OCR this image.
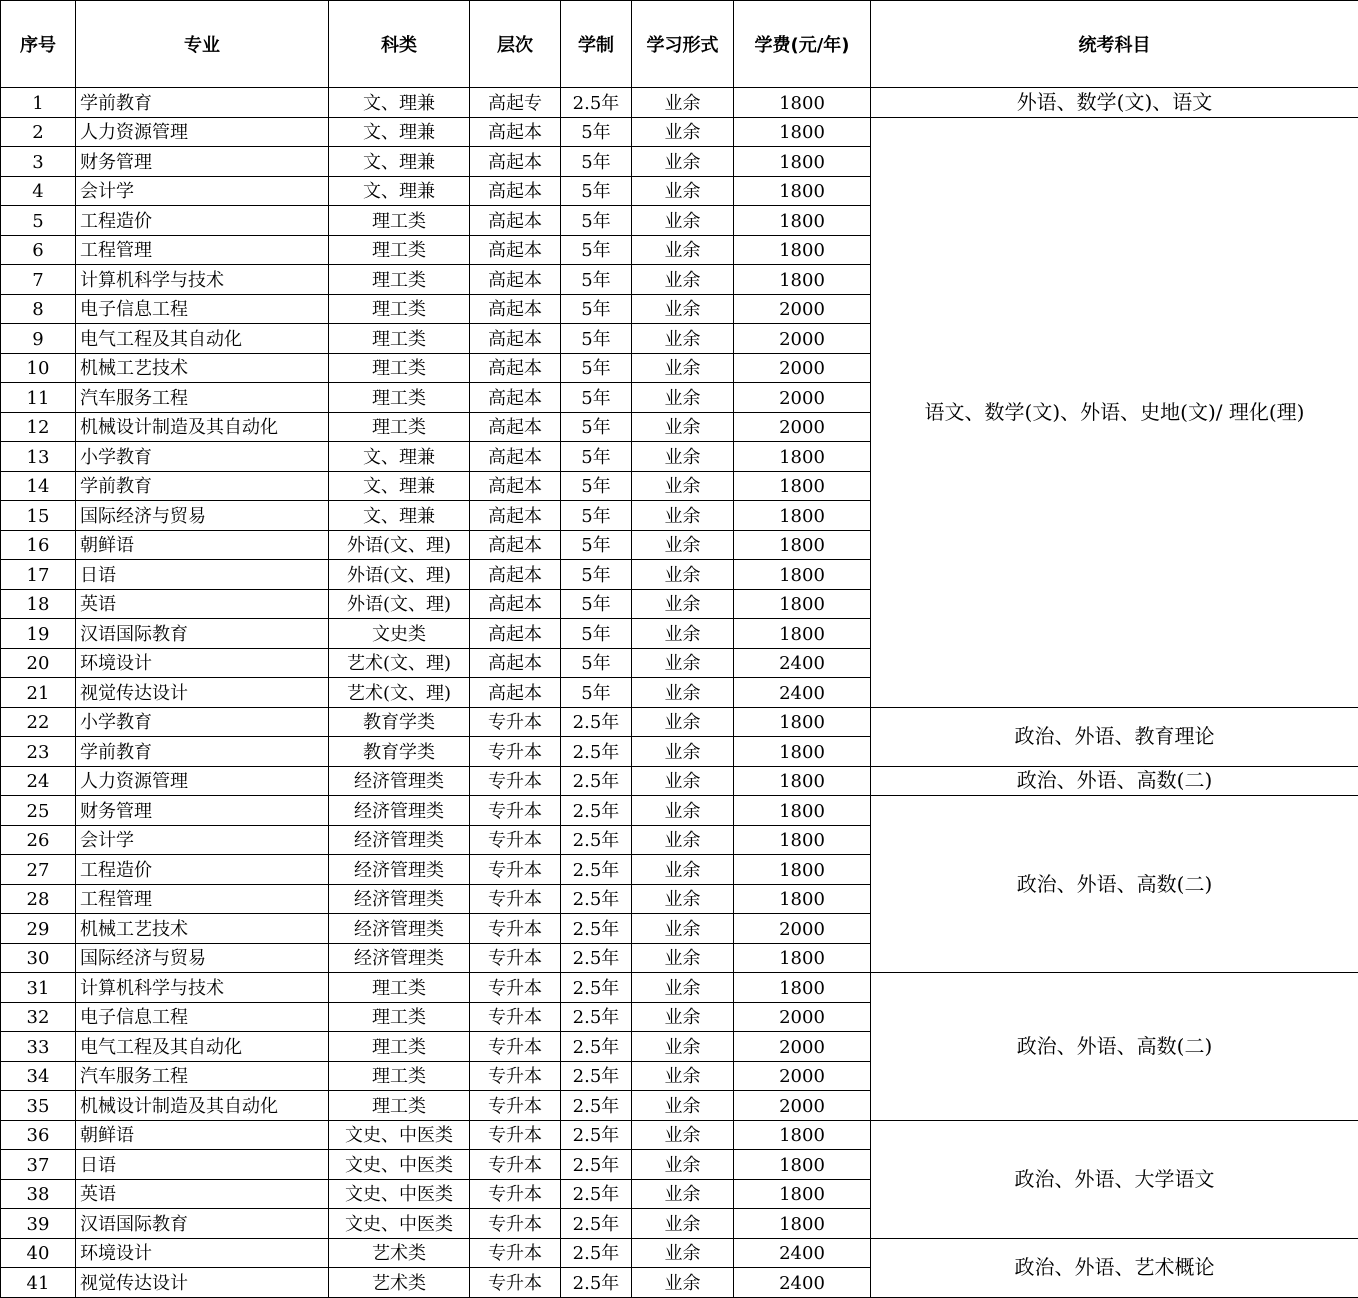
序号	专业	科类	层次	学制	学习形式	学费(元/年)	统考科目
1	学前教育	文、理兼	高起专	2.5年	业余	1800	外语、数学(文)、语文
2	人力资源管理	文、理兼	高起本	5年	业余	1800	语文、数学(文)、外语、史地(文)/ 理化(理)
3	财务管理	文、理兼	高起本	5年	业余	1800	
4	会计学	文、理兼	高起本	5年	业余	1800	
5	工程造价	理工类	高起本	5年	业余	1800	
6	工程管理	理工类	高起本	5年	业余	1800	
7	计算机科学与技术	理工类	高起本	5年	业余	1800	
8	电子信息工程	理工类	高起本	5年	业余	2000	
9	电气工程及其自动化	理工类	高起本	5年	业余	2000	
10	机械工艺技术	理工类	高起本	5年	业余	2000	
11	汽车服务工程	理工类	高起本	5年	业余	2000	
12	机械设计制造及其自动化	理工类	高起本	5年	业余	2000	
13	小学教育	文、理兼	高起本	5年	业余	1800	
14	学前教育	文、理兼	高起本	5年	业余	1800	
15	国际经济与贸易	文、理兼	高起本	5年	业余	1800	
16	朝鲜语	外语(文、理)	高起本	5年	业余	1800	
17	日语	外语(文、理)	高起本	5年	业余	1800	
18	英语	外语(文、理)	高起本	5年	业余	1800	
19	汉语国际教育	文史类	高起本	5年	业余	1800	
20	环境设计	艺术(文、理)	高起本	5年	业余	2400	
21	视觉传达设计	艺术(文、理)	高起本	5年	业余	2400	
22	小学教育	教育学类	专升本	2.5年	业余	1800	政治、外语、教育理论
23	学前教育	教育学类	专升本	2.5年	业余	1800	
24	人力资源管理	经济管理类	专升本	2.5年	业余	1800	政治、外语、高数(二)
25	财务管理	经济管理类	专升本	2.5年	业余	1800	政治、外语、高数(二)
26	会计学	经济管理类	专升本	2.5年	业余	1800	
27	工程造价	经济管理类	专升本	2.5年	业余	1800	
28	工程管理	经济管理类	专升本	2.5年	业余	1800	
29	机械工艺技术	经济管理类	专升本	2.5年	业余	2000	
30	国际经济与贸易	经济管理类	专升本	2.5年	业余	1800	
31	计算机科学与技术	理工类	专升本	2.5年	业余	1800	政治、外语、高数(二)
32	电子信息工程	理工类	专升本	2.5年	业余	2000	
33	电气工程及其自动化	理工类	专升本	2.5年	业余	2000	
34	汽车服务工程	理工类	专升本	2.5年	业余	2000	
35	机械设计制造及其自动化	理工类	专升本	2.5年	业余	2000	
36	朝鲜语	文史、中医类	专升本	2.5年	业余	1800	政治、外语、大学语文
37	日语	文史、中医类	专升本	2.5年	业余	1800	
38	英语	文史、中医类	专升本	2.5年	业余	1800	
39	汉语国际教育	文史、中医类	专升本	2.5年	业余	1800	
40	环境设计	艺术类	专升本	2.5年	业余	2400	政治、外语、艺术概论
41	视觉传达设计	艺术类	专升本	2.5年	业余	2400	
